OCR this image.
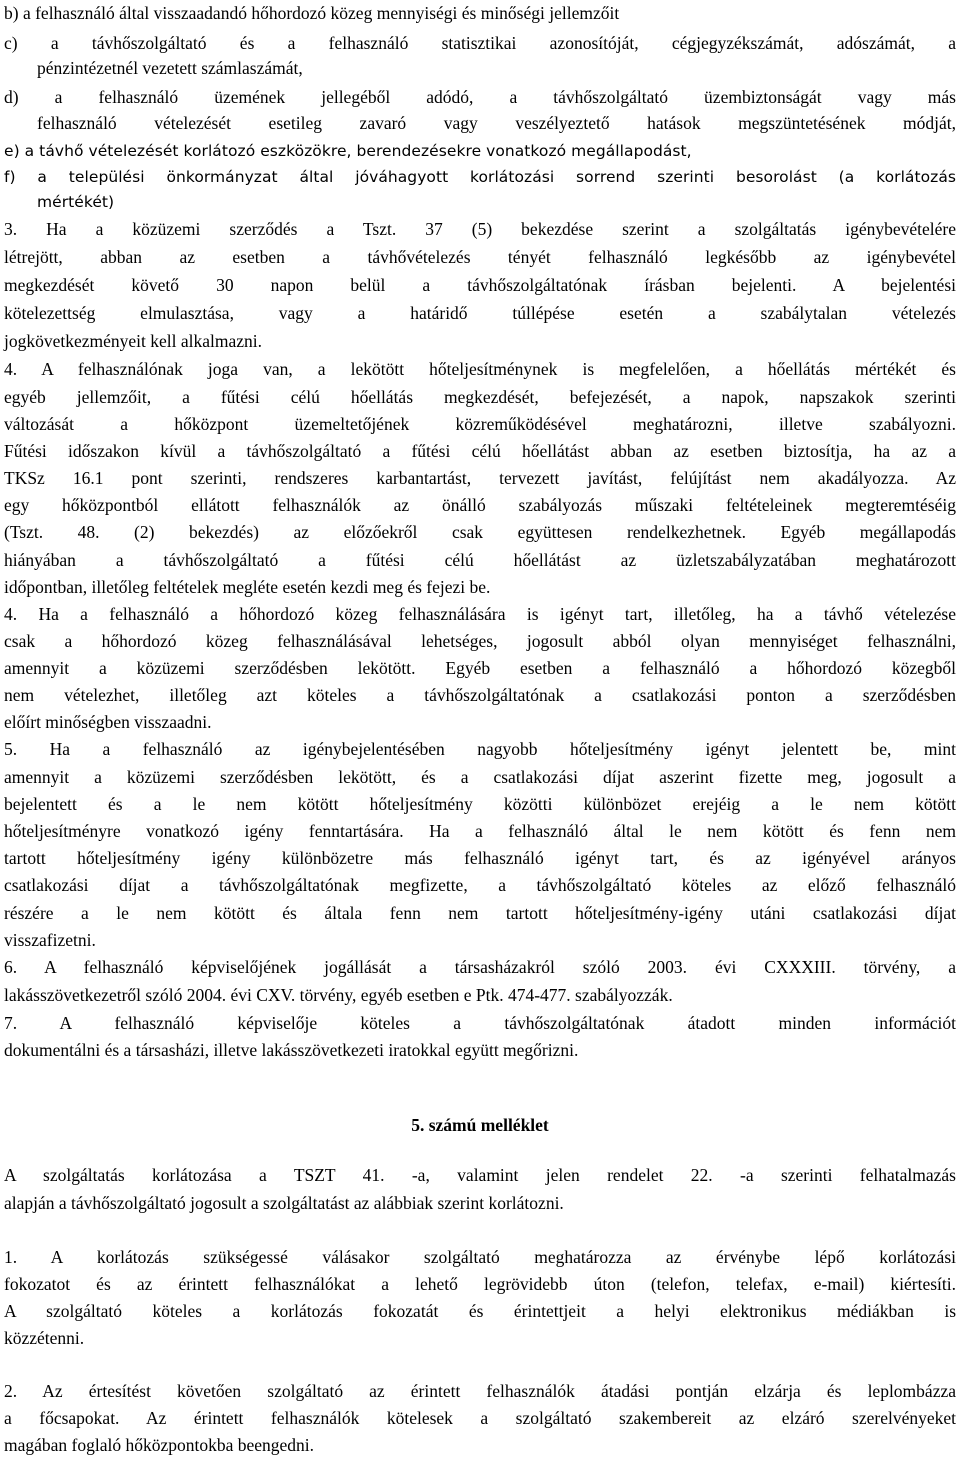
b) a felhasználó által visszaadandó hőhordozó közeg mennyiségi és minőségi jellemzőit
c) a távhőszolgáltató és a felhasználó statisztikai azonosítóját, cégjegyzékszámát, adószámát, a
pénzintézetnél vezetett számlaszámát,
d) a felhasználó üzemének jellegéből adódó, a távhőszolgáltató üzembiztonságát vagy más
felhasználó vételezését esetileg zavaró vagy veszélyeztető hatások megszüntetésének módját,
e) a távhő vételezését korlátozó eszközökre, berendezésekre vonatkozó megállapodást,
f) a települési önkormányzat által jóváhagyott korlátozási sorrend szerinti besorolást (a korlátozás
mértékét)
3. Ha a közüzemi szerződés a Tszt. 37 (5) bekezdése szerint a szolgáltatás igénybevételére
létrejött, abban az esetben a távhővételezés tényét felhasználó legkésőbb az igénybevétel
megkezdését követő 30 napon belül a távhőszolgáltatónak írásban bejelenti. A bejelentési
kötelezettség elmulasztása, vagy a határidő túllépése esetén a szabálytalan vételezés
jogkövetkezményeit kell alkalmazni.
4. A felhasználónak joga van, a lekötött hőteljesítménynek is megfelelően, a hőellátás mértékét és
egyéb jellemzőit, a fűtési célú hőellátás megkezdését, befejezését, a napok, napszakok szerinti
változását a hőközpont üzemeltetőjének közreműködésével meghatározni, illetve szabályozni.
Fűtési időszakon kívül a távhőszolgáltató a fűtési célú hőellátást abban az esetben biztosítja, ha az a
TKSz 16.1 pont szerinti, rendszeres karbantartást, tervezett javítást, felújítást nem akadályozza. Az
egy hőközpontból ellátott felhasználók az önálló szabályozás műszaki feltételeinek megteremtéséig
(Tszt. 48. (2) bekezdés) az előzőekről csak együttesen rendelkezhetnek. Egyéb megállapodás
hiányában a távhőszolgáltató a fűtési célú hőellátást az üzletszabályzatában meghatározott
időpontban, illetőleg feltételek megléte esetén kezdi meg és fejezi be.
4. Ha a felhasználó a hőhordozó közeg felhasználására is igényt tart, illetőleg, ha a távhő vételezése
csak a hőhordozó közeg felhasználásával lehetséges, jogosult abból olyan mennyiséget felhasználni,
amennyit a közüzemi szerződésben lekötött. Egyéb esetben a felhasználó a hőhordozó közegből
nem vételezhet, illetőleg azt köteles a távhőszolgáltatónak a csatlakozási ponton a szerződésben
előírt minőségben visszaadni.
5. Ha a felhasználó az igénybejelentésében nagyobb hőteljesítmény igényt jelentett be, mint
amennyit a közüzemi szerződésben lekötött, és a csatlakozási díjat aszerint fizette meg, jogosult a
bejelentett és a le nem kötött hőteljesítmény közötti különbözet erejéig a le nem kötött
hőteljesítményre vonatkozó igény fenntartására. Ha a felhasználó által le nem kötött és fenn nem
tartott hőteljesítmény igény különbözetre más felhasználó igényt tart, és az igényével arányos
csatlakozási díjat a távhőszolgáltatónak megfizette, a távhőszolgáltató köteles az előző felhasználó
részére a le nem kötött és általa fenn nem tartott hőteljesítmény-igény utáni csatlakozási díjat
visszafizetni.
6. A felhasználó képviselőjének jogállását a társasházakról szóló 2003. évi CXXXIII. törvény, a
lakásszövetkezetről szóló 2004. évi CXV. törvény, egyéb esetben e Ptk. 474-477. szabályozzák.
7. A felhasználó képviselője köteles a távhőszolgáltatónak átadott minden információt
dokumentálni és a társasházi, illetve lakásszövetkezeti iratokkal együtt megőrizni.
5. számú melléklet
A szolgáltatás korlátozása a TSZT 41. -a, valamint jelen rendelet 22. -a szerinti felhatalmazás
alapján a távhőszolgáltató jogosult a szolgáltatást az alábbiak szerint korlátozni.
1. A korlátozás szükségessé válásakor szolgáltató meghatározza az érvénybe lépő korlátozási
fokozatot és az érintett felhasználókat a lehető legrövidebb úton (telefon, telefax, e-mail) kiértesíti.
A szolgáltató köteles a korlátozás fokozatát és érintettjeit a helyi elektronikus médiákban is
közzétenni.
2. Az értesítést követően szolgáltató az érintett felhasználók átadási pontján elzárja és leplombázza
a főcsapokat. Az érintett felhasználók kötelesek a szolgáltató szakembereit az elzáró szerelvényeket
magában foglaló hőközpontokba beengedni.
